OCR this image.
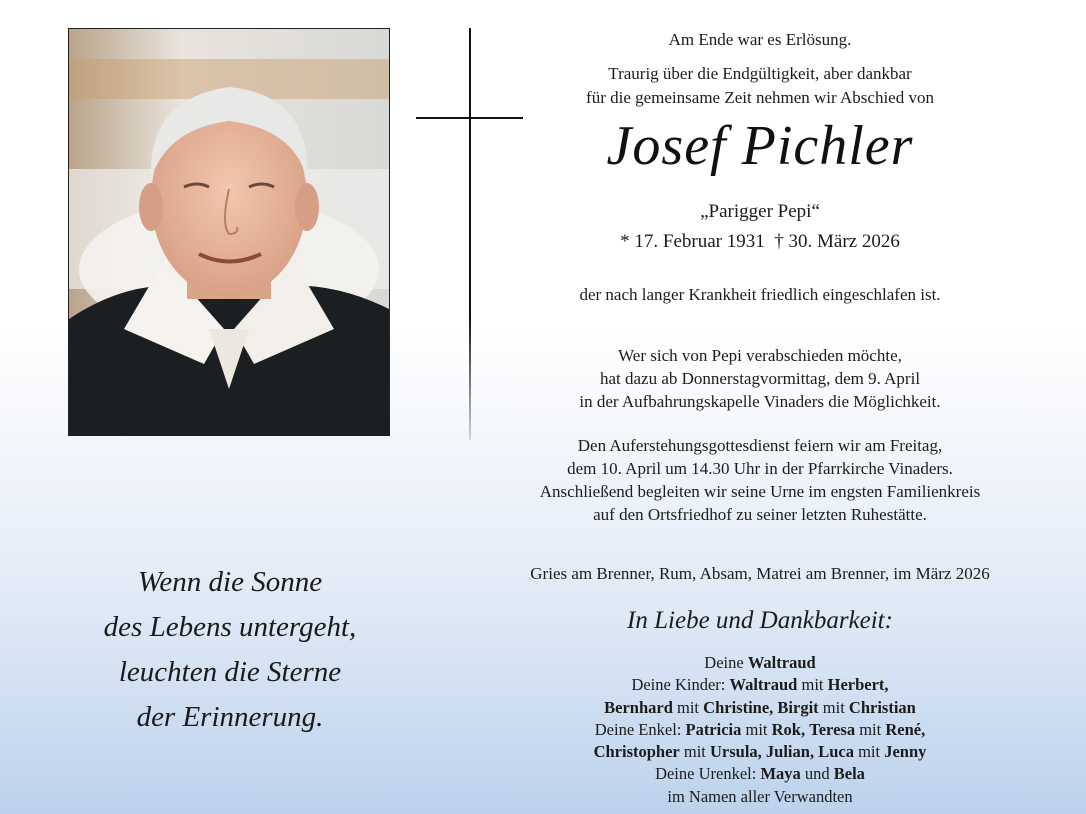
Am Ende war es Erlösung.

Traurig über die Endgültigkeit, aber dankbar

für die gemeinsame Zeit nehmen wir Abschied von

Josef Pichler
„Parigger Pepi“
* 17. Februar 1931  † 30. März 2026
der nach langer Krankheit friedlich eingeschlafen ist.

Wer sich von Pepi verabschieden möchte,

hat dazu ab Donnerstagvormittag, dem 9. April

in der Aufbahrungskapelle Vinaders die Möglichkeit.

Den Auferstehungsgottesdienst feiern wir am Freitag,

dem 10. April um 14.30 Uhr in der Pfarrkirche Vinaders.

Anschließend begleiten wir seine Urne im engsten Familienkreis

auf den Ortsfriedhof zu seiner letzten Ruhestätte.

Gries am Brenner, Rum, Absam, Matrei am Brenner, im März 2026
In Liebe und Dankbarkeit:

Deine Waltraud

Deine Kinder: Waltraud mit Herbert,

Bernhard mit Christine, Birgit mit Christian

Deine Enkel: Patricia mit Rok, Teresa mit René,

Christopher mit Ursula, Julian, Luca mit Jenny

Deine Urenkel: Maya und Bela

im Namen aller Verwandten

Wenn die Sonne

des Lebens untergeht,

leuchten die Sterne

der Erinnerung.
